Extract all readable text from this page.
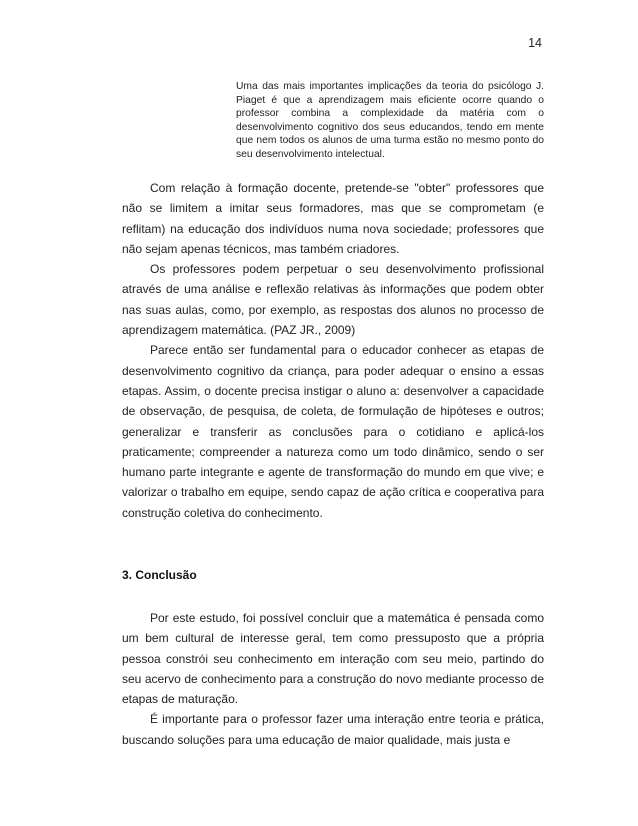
14
Uma das mais importantes implicações da teoria do psicólogo J. Piaget é que a aprendizagem mais eficiente ocorre quando o professor combina a complexidade da matéria com o desenvolvimento cognitivo dos seus educandos, tendo em mente que nem todos os alunos de uma turma estão no mesmo ponto do seu desenvolvimento intelectual.

Com relação à formação docente, pretende-se "obter" professores que não se limitem a imitar seus formadores, mas que se comprometam (e reflitam) na educação dos indivíduos numa nova sociedade; professores que não sejam apenas técnicos, mas também criadores.

Os professores podem perpetuar o seu desenvolvimento profissional através de uma análise e reflexão relativas às informações que podem obter nas suas aulas, como, por exemplo, as respostas dos alunos no processo de aprendizagem matemática. (PAZ JR., 2009)

Parece então ser fundamental para o educador conhecer as etapas de desenvolvimento cognitivo da criança, para poder adequar o ensino a essas etapas. Assim, o docente precisa instigar o aluno a: desenvolver a capacidade de observação, de pesquisa, de coleta, de formulação de hipóteses e outros; generalizar e transferir as conclusões para o cotidiano e aplicá-los praticamente; compreender a natureza como um todo dinâmico, sendo o ser humano parte integrante e agente de transformação do mundo em que vive; e valorizar o trabalho em equipe, sendo capaz de ação crítica e cooperativa para construção coletiva do conhecimento.

3. Conclusão

Por este estudo, foi possível concluir que a matemática é pensada como um bem cultural de interesse geral, tem como pressuposto que a própria pessoa constrói seu conhecimento em interação com seu meio, partindo do seu acervo de conhecimento para a construção do novo mediante processo de etapas de maturação.

É importante para o professor fazer uma interação entre teoria e prática, buscando soluções para uma educação de maior qualidade, mais justa e
